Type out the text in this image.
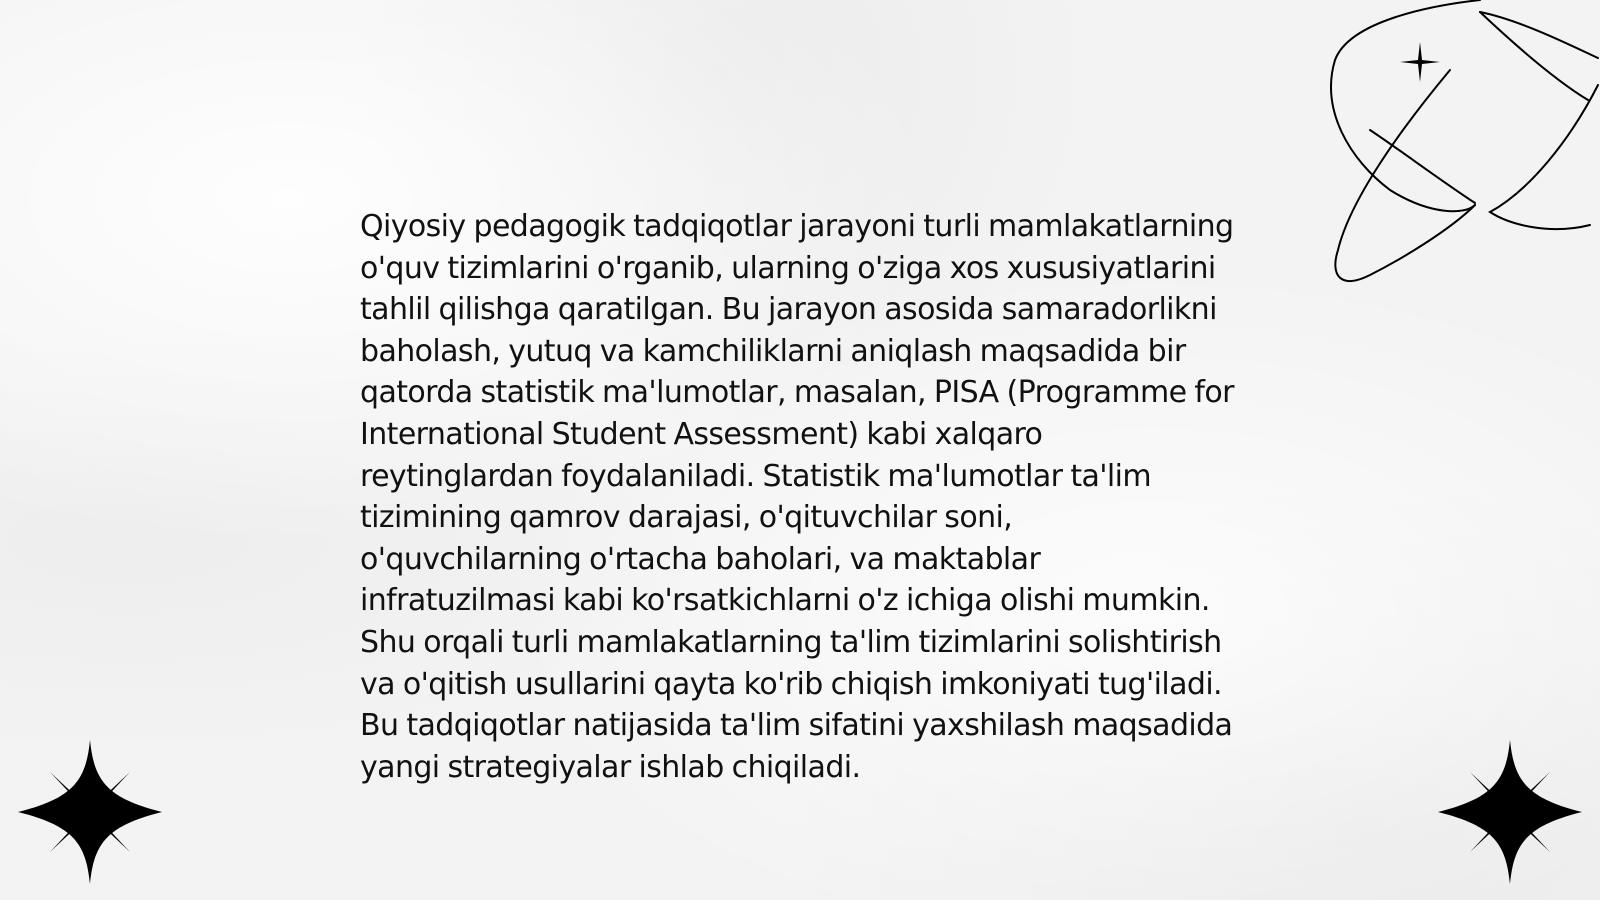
Qiyosiy pedagogik tadqiqotlar jarayoni turli mamlakatlarning o'quv tizimlarini o'rganib, ularning o'ziga xos xususiyatlarini tahlil qilishga qaratilgan. Bu jarayon asosida samaradorlikni baholash, yutuq va kamchiliklarni aniqlash maqsadida bir qatorda statistik ma'lumotlar, masalan, PISA (Programme for International Student Assessment) kabi xalqaro reytinglardan foydalaniladi. Statistik ma'lumotlar ta'lim tizimining qamrov darajasi, o'qituvchilar soni, o'quvchilarning o'rtacha baholari, va maktablar infratuzilmasi kabi ko'rsatkichlarni o'z ichiga olishi mumkin. Shu orqali turli mamlakatlarning ta'lim tizimlarini solishtirish va o'qitish usullarini qayta ko'rib chiqish imkoniyati tug'iladi. Bu tadqiqotlar natijasida ta'lim sifatini yaxshilash maqsadida yangi strategiyalar ishlab chiqiladi.
